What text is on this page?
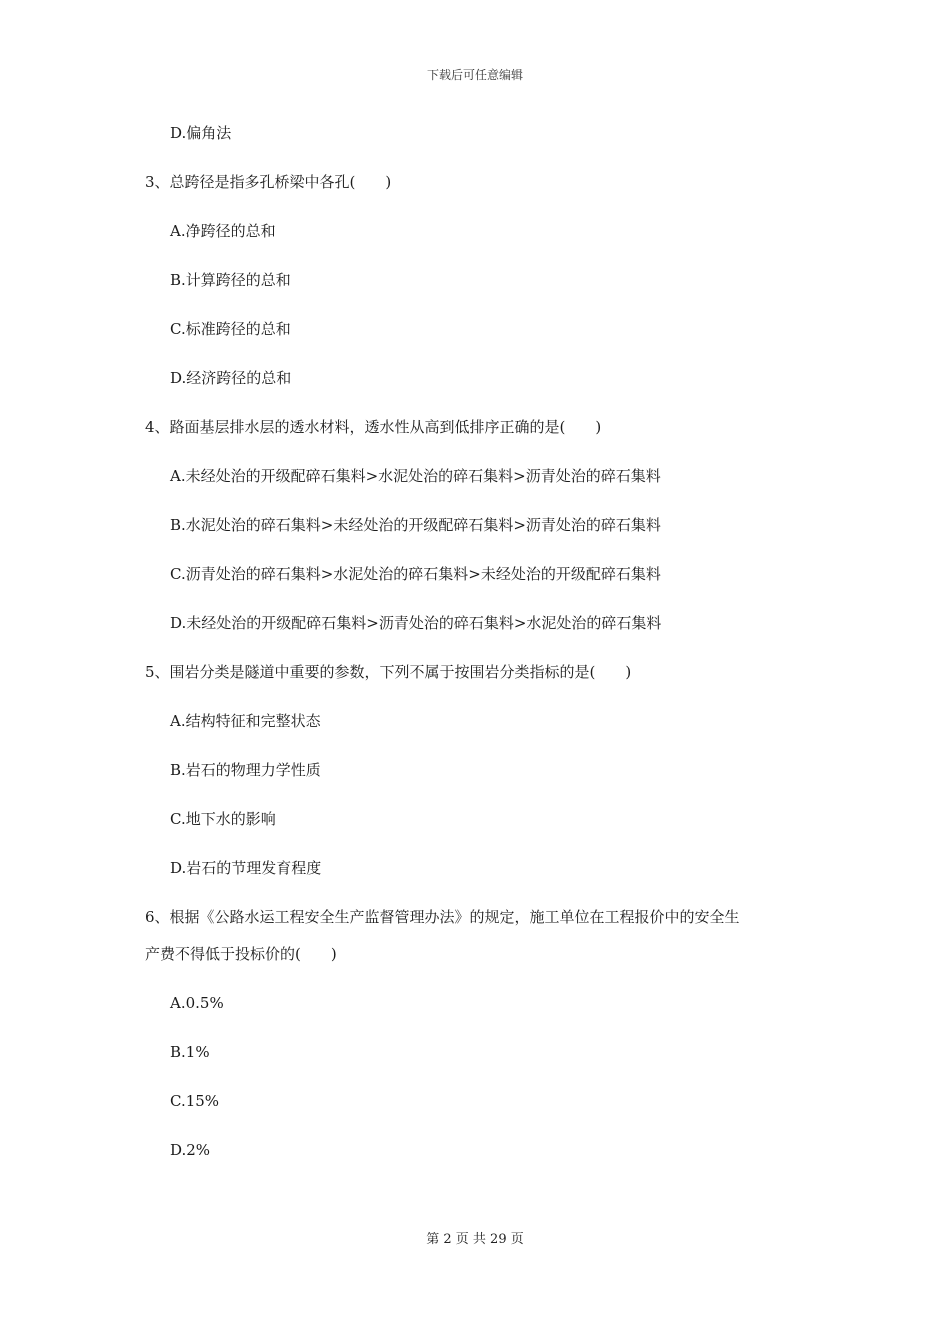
下载后可任意编辑
D.偏角法
3、总跨径是指多孔桥梁中各孔(　　)
A.净跨径的总和
B.计算跨径的总和
C.标准跨径的总和
D.经济跨径的总和
4、路面基层排水层的透水材料，透水性从高到低排序正确的是(　　)
A.未经处治的开级配碎石集料>水泥处治的碎石集料>沥青处治的碎石集料
B.水泥处治的碎石集料>未经处治的开级配碎石集料>沥青处治的碎石集料
C.沥青处治的碎石集料>水泥处治的碎石集料>未经处治的开级配碎石集料
D.未经处治的开级配碎石集料>沥青处治的碎石集料>水泥处治的碎石集料
5、围岩分类是隧道中重要的参数，下列不属于按围岩分类指标的是(　　)
A.结构特征和完整状态
B.岩石的物理力学性质
C.地下水的影响
D.岩石的节理发育程度
6、根据《公路水运工程安全生产监督管理办法》的规定，施工单位在工程报价中的安全生
产费不得低于投标价的(　　)
A.0.5%
B.1%
C.15%
D.2%
第 2 页 共 29 页
